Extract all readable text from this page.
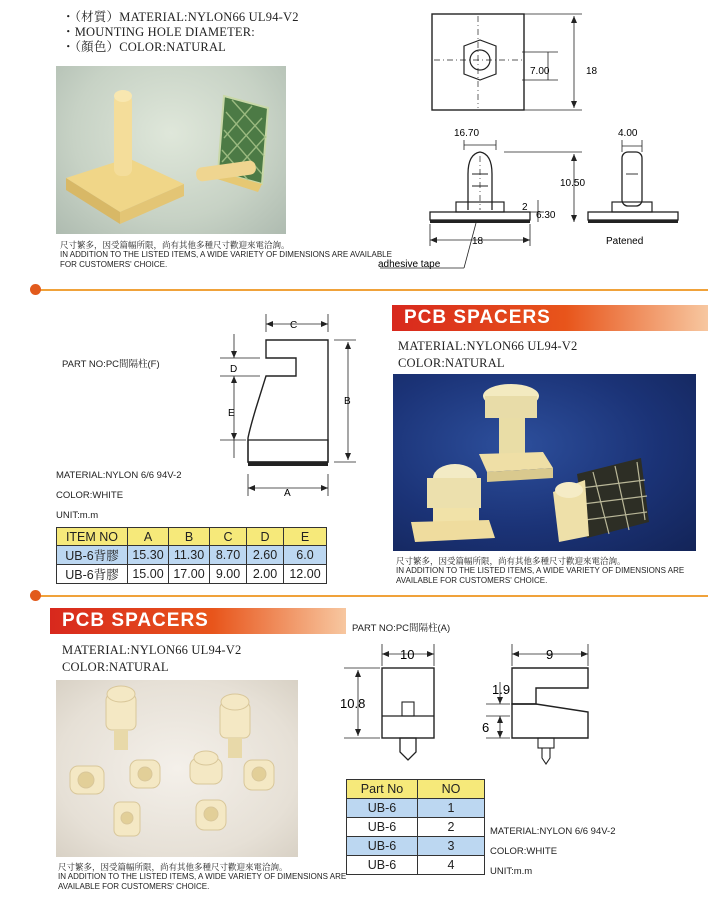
・（材質）MATERIAL:NYLON66 UL94-V2
・MOUNTING HOLE DIAMETER:
・（顏色）COLOR:NATURAL
尺寸繁多，因受篇幅所限，尚有其他多種尺寸歡迎來電洽詢。
IN ADDITION TO THE LISTED ITEMS, A WIDE VARIETY OF DIMENSIONS ARE AVAILABLE
FOR CUSTOMERS' CHOICE.
7.00	18
16.70
10.50
2
6.30
18
4.00
Patened
adhesive tape
PART NO:PC間隔柱(F)
C
D
E
B
A
MATERIAL:NYLON 6/6 94V-2
COLOR:WHITE
UNIT:m.m
ITEM NO	A	B	C	D	E
UB-6背膠	15.30	11.30	8.70	2.60	6.0
UB-6背膠	15.00	17.00	9.00	2.00	12.00
PCB SPACERS
MATERIAL:NYLON66 UL94-V2
COLOR:NATURAL
尺寸繁多，因受篇幅所限，尚有其他多種尺寸歡迎來電洽詢。
IN ADDITION TO THE LISTED ITEMS, A WIDE VARIETY OF DIMENSIONS ARE
AVAILABLE FOR CUSTOMERS' CHOICE.
PCB SPACERS
MATERIAL:NYLON66 UL94-V2
COLOR:NATURAL
尺寸繁多，因受篇幅所限，尚有其他多種尺寸歡迎來電洽詢。
IN ADDITION TO THE LISTED ITEMS, A WIDE VARIETY OF DIMENSIONS ARE
AVAILABLE FOR CUSTOMERS' CHOICE.
PART NO:PC間隔柱(A)
10
10.8
9
1.9
6
Part No	NO
UB-6	1
UB-6	2
UB-6	3
UB-6	4
MATERIAL:NYLON 6/6 94V-2
COLOR:WHITE
UNIT:m.m
